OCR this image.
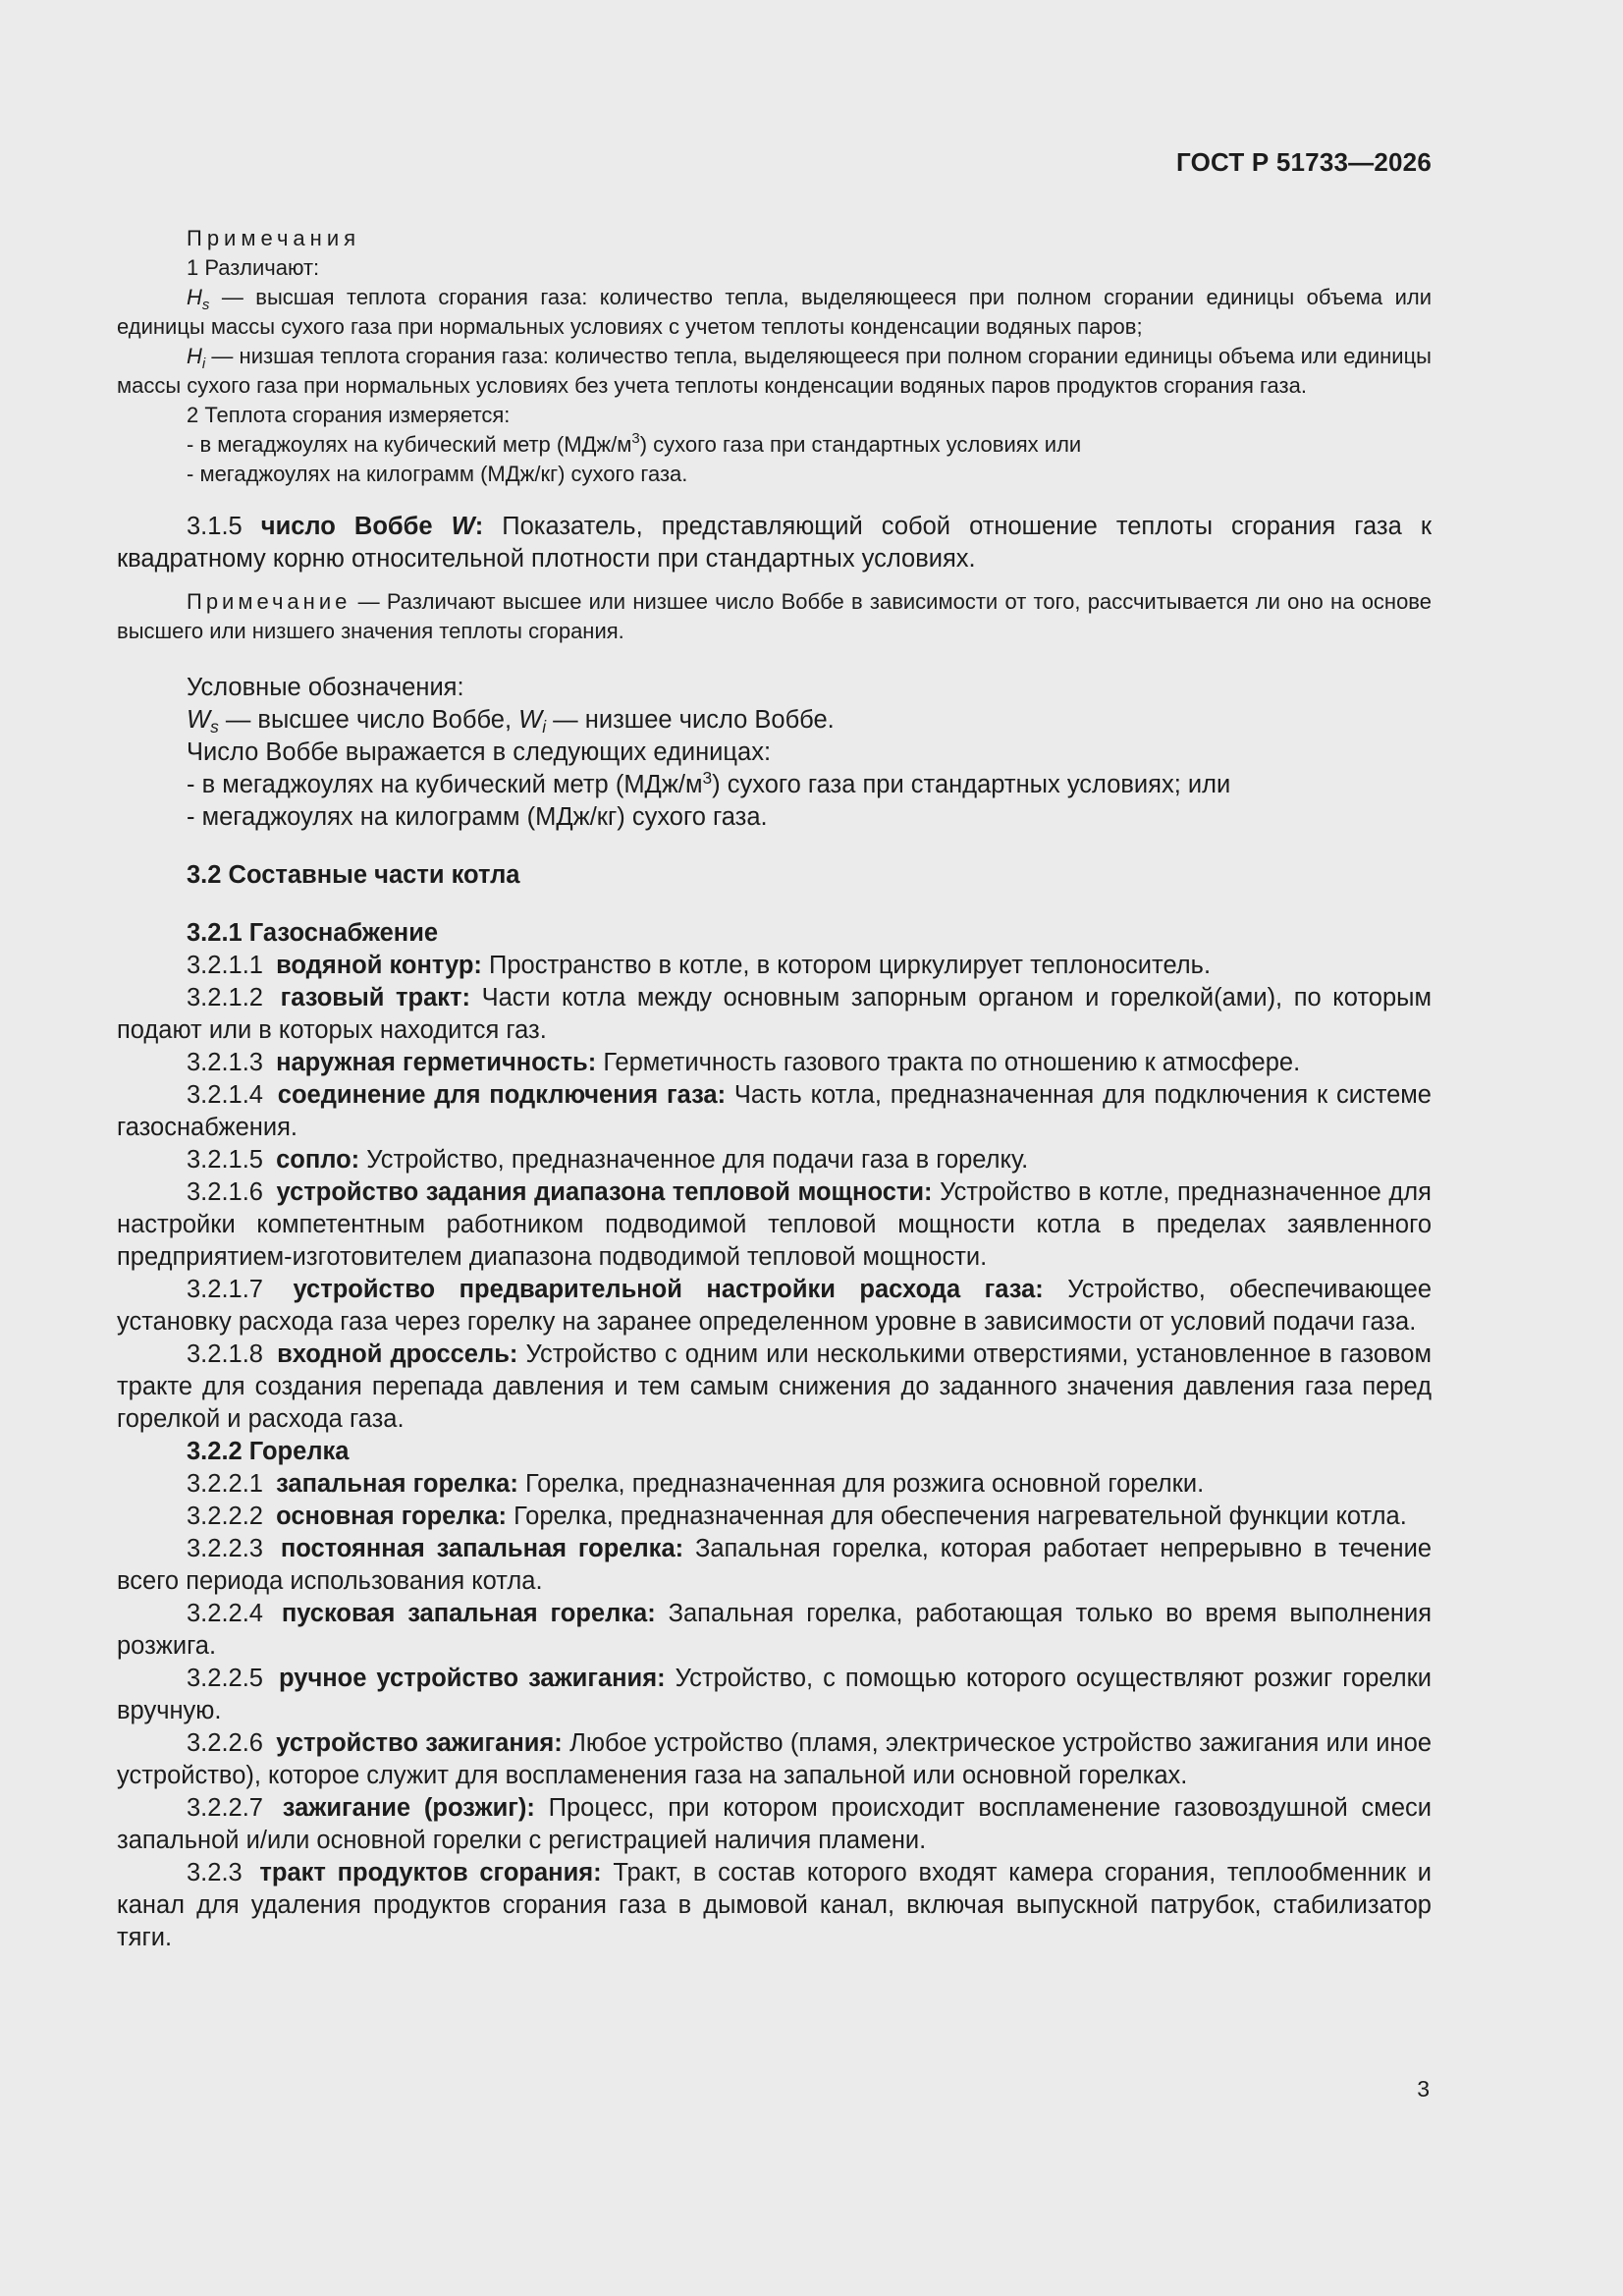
ГОСТ Р 51733—2026

Примечания

1 Различают:

$H_s$ — высшая теплота сгорания газа: количество тепла, выделяющееся при полном сгорании единицы объема или единицы массы сухого газа при нормальных условиях с учетом теплоты конденсации водяных паров;

$H_i$ — низшая теплота сгорания газа: количество тепла, выделяющееся при полном сгорании единицы объема или единицы массы сухого газа при нормальных условиях без учета теплоты конденсации водяных паров продуктов сгорания газа.

2 Теплота сгорания измеряется:

- в мегаджоулях на кубический метр $(МДж/м^3)$ сухого газа при стандартных условиях или

- мегаджоулях на килограмм (МДж/кг) сухого газа.

3.1.5 число Воббе W: Показатель, представляющий собой отношение теплоты сгорания газа к квадратному корню относительной плотности при стандартных условиях.

Примечание — Различают высшее или низшее число Воббе в зависимости от того, рассчитывается ли оно на основе высшего или низшего значения теплоты сгорания.

Условные обозначения:

$W_s$ — высшее число Воббе, $W_i$ — низшее число Воббе.

Число Воббе выражается в следующих единицах:

- в мегаджоулях на кубический метр $(МДж/м^3)$ сухого газа при стандартных условиях; или

- мегаджоулях на килограмм (МДж/кг) сухого газа.

3.2 Составные части котла

3.2.1 Газоснабжение

3.2.1.1 водяной контур: Пространство в котле, в котором циркулирует теплоноситель.

3.2.1.2 газовый тракт: Части котла между основным запорным органом и горелкой(ами), по которым подают или в которых находится газ.

3.2.1.3 наружная герметичность: Герметичность газового тракта по отношению к атмосфере.

3.2.1.4 соединение для подключения газа: Часть котла, предназначенная для подключения к системе газоснабжения.

3.2.1.5 сопло: Устройство, предназначенное для подачи газа в горелку.

3.2.1.6 устройство задания диапазона тепловой мощности: Устройство в котле, предназначенное для настройки компетентным работником подводимой тепловой мощности котла в пределах заявленного предприятием-изготовителем диапазона подводимой тепловой мощности.

3.2.1.7 устройство предварительной настройки расхода газа: Устройство, обеспечивающее установку расхода газа через горелку на заранее определенном уровне в зависимости от условий подачи газа.

3.2.1.8 входной дроссель: Устройство с одним или несколькими отверстиями, установленное в газовом тракте для создания перепада давления и тем самым снижения до заданного значения давления газа перед горелкой и расхода газа.

3.2.2 Горелка

3.2.2.1 запальная горелка: Горелка, предназначенная для розжига основной горелки.

3.2.2.2 основная горелка: Горелка, предназначенная для обеспечения нагревательной функции котла.

3.2.2.3 постоянная запальная горелка: Запальная горелка, которая работает непрерывно в течение всего периода использования котла.

3.2.2.4 пусковая запальная горелка: Запальная горелка, работающая только во время выполнения розжига.

3.2.2.5 ручное устройство зажигания: Устройство, с помощью которого осуществляют розжиг горелки вручную.

3.2.2.6 устройство зажигания: Любое устройство (пламя, электрическое устройство зажигания или иное устройство), которое служит для воспламенения газа на запальной или основной горелках.

3.2.2.7 зажигание (розжиг): Процесс, при котором происходит воспламенение газовоздушной смеси запальной и/или основной горелки с регистрацией наличия пламени.

3.2.3 тракт продуктов сгорания: Тракт, в состав которого входят камера сгорания, теплообменник и канал для удаления продуктов сгорания газа в дымовой канал, включая выпускной патрубок, стабилизатор тяги.

3
